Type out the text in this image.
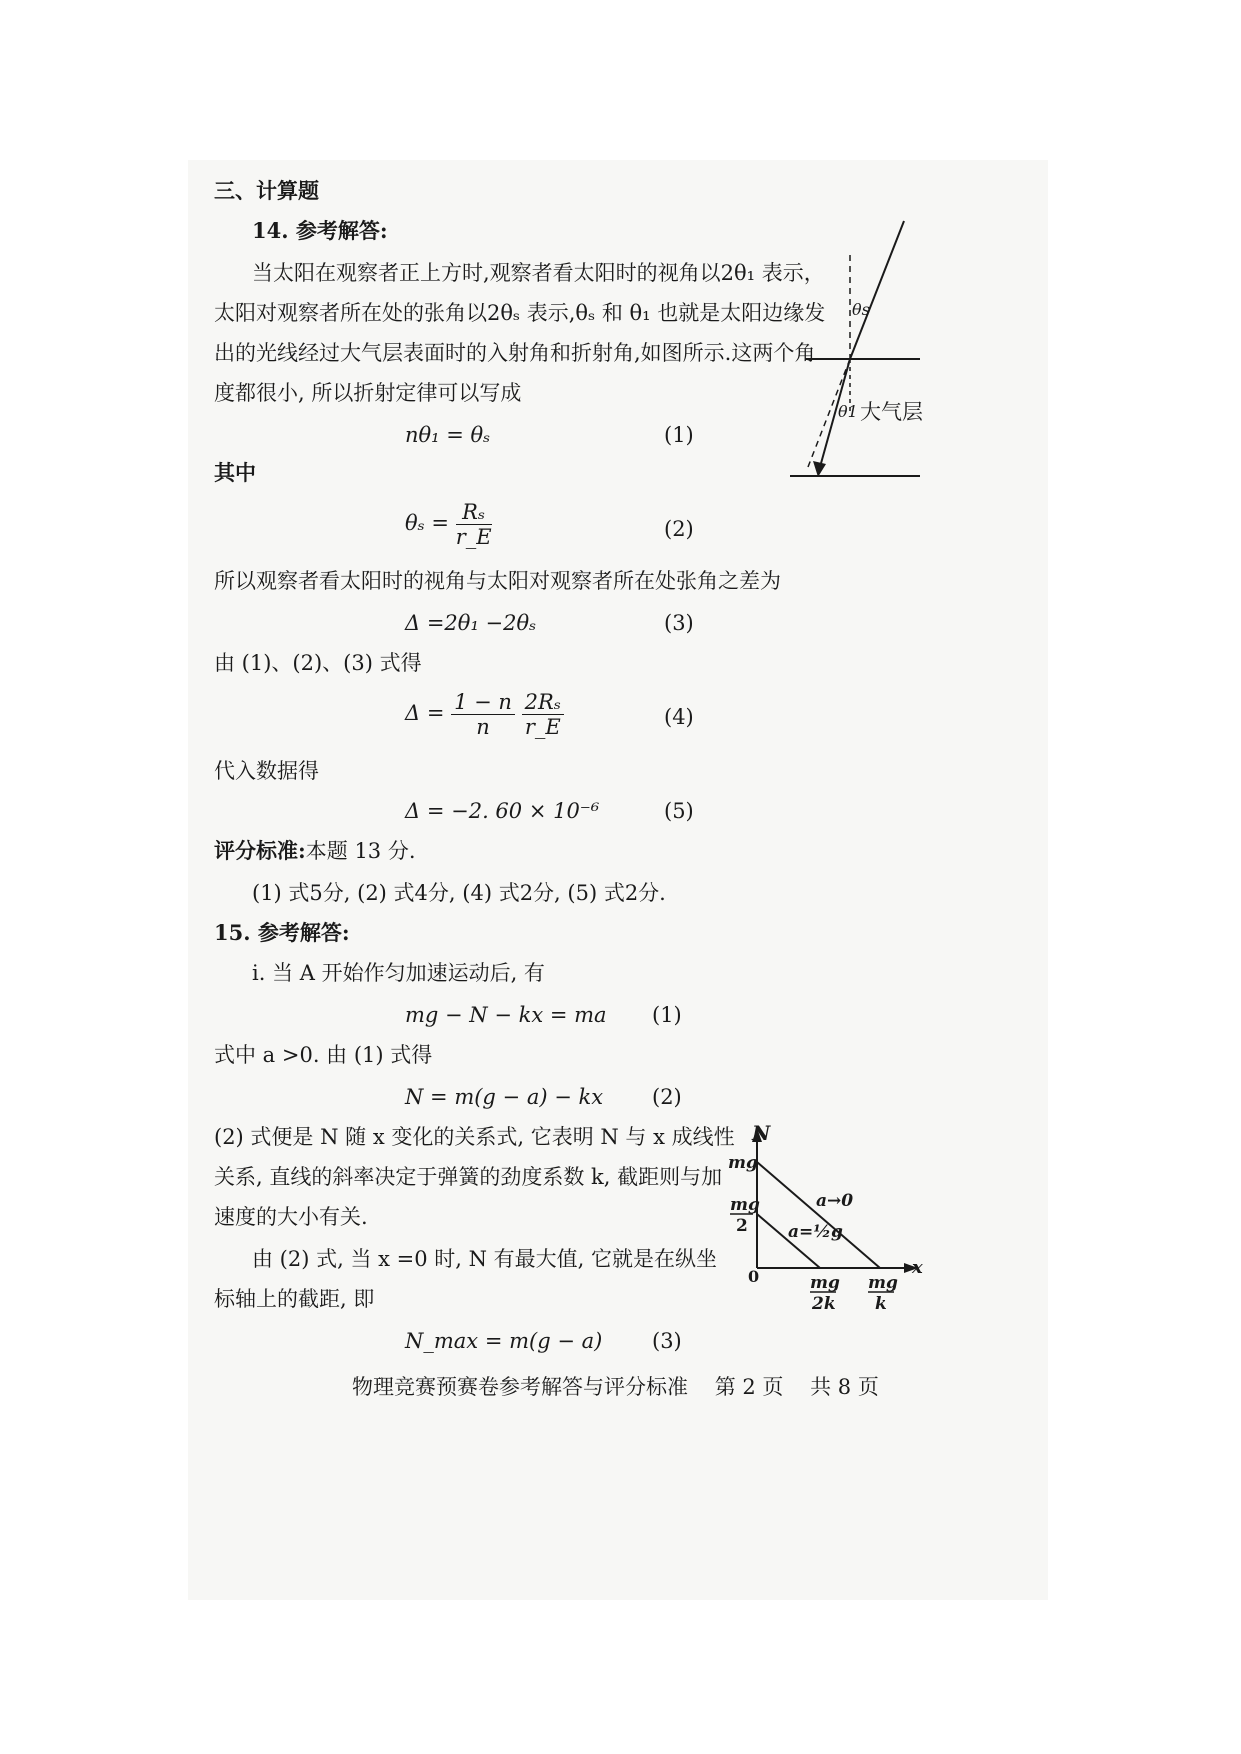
三、计算题
14. 参考解答:
当太阳在观察者正上方时,观察者看太阳时的视角以2θ₁ 表示，
太阳对观察者所在处的张角以2θₛ 表示,θₛ 和 θ₁ 也就是太阳边缘发
出的光线经过大气层表面时的入射角和折射角,如图所示.这两个角
度都很小, 所以折射定律可以写成
nθ₁ = θₛ	(1)
其中
$\theta_s = \frac{\text{Rₛ}}{r\_E}$	(2)
所以观察者看太阳时的视角与太阳对观察者所在处张角之差为
Δ =2θ₁ −2θₛ	(3)
由 (1)、(2)、(3) 式得
$\Delta = \frac{1 - n}{n}$
$\frac{\text{2Rₛ}}{r\_E}$	(4)
代入数据得
Δ = −2. 60 × 10⁻⁶	(5)
评分标准:本题 13 分.
(1) 式5分, (2) 式4分, (4) 式2分, (5) 式2分.
θs
θ1 大气层
15. 参考解答:
i. 当 A 开始作匀加速运动后, 有
mg − N − kx = ma (1)
式中 a >0. 由 (1) 式得
N = m(g − a) − kx (2)
(2) 式便是 N 随 x 变化的关系式, 它表明 N 与 x 成线性
关系, 直线的斜率决定于弹簧的劲度系数 k, 截距则与加
速度的大小有关.
由 (2) 式, 当 x =0 时, N 有最大值, 它就是在纵坐
标轴上的截距, 即
N_max = m(g − a) (3)
N
x
0
mg
mg
2
mg
2k
mg
k
a→0
a=½g
物理竞赛预赛卷参考解答与评分标准    第 2 页    共 8 页
